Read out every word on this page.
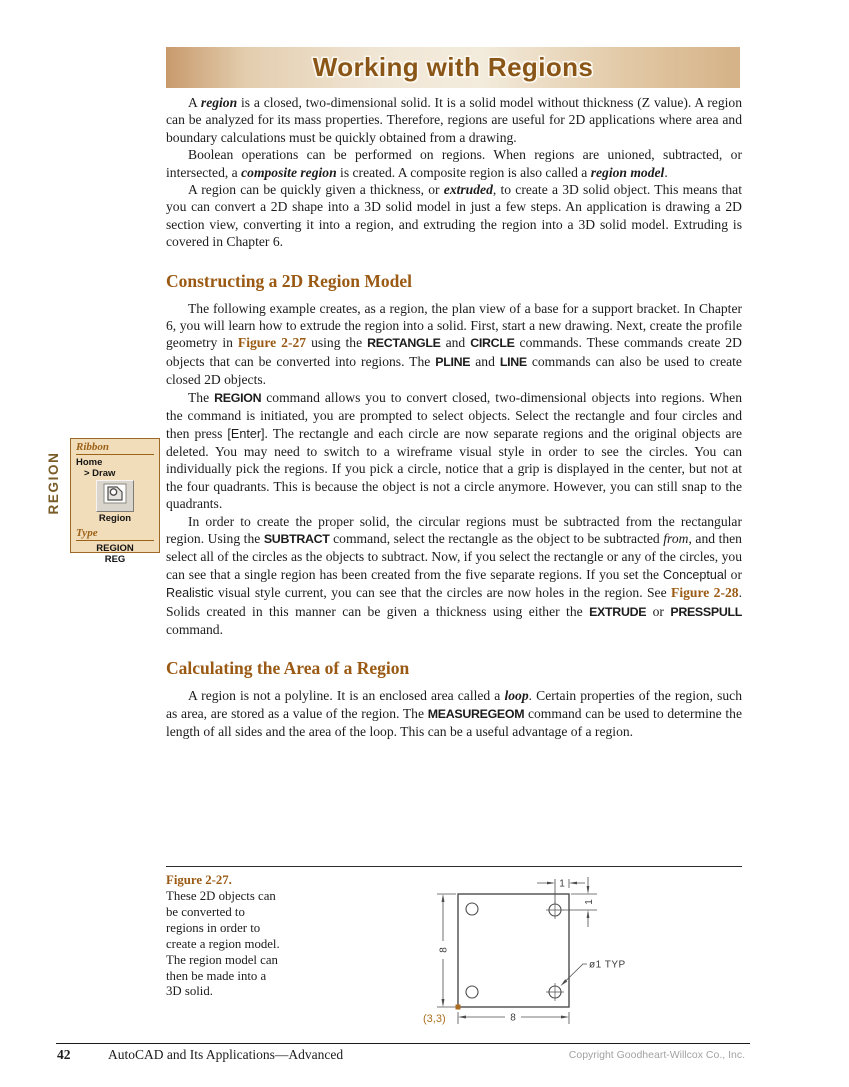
Working with Regions

A region is a closed, two-dimensional solid. It is a solid model without thickness (Z value). A region can be analyzed for its mass properties. Therefore, regions are useful for 2D applications where area and boundary calculations must be quickly obtained from a drawing.

Boolean operations can be performed on regions. When regions are unioned, subtracted, or intersected, a composite region is created. A composite region is also called a region model.

A region can be quickly given a thickness, or extruded, to create a 3D solid object. This means that you can convert a 2D shape into a 3D solid model in just a few steps. An application is drawing a 2D section view, converting it into a region, and extruding the region into a 3D solid model. Extruding is covered in Chapter 6.

Constructing a 2D Region Model

The following example creates, as a region, the plan view of a base for a support bracket. In Chapter 6, you will learn how to extrude the region into a solid. First, start a new drawing. Next, create the profile geometry in Figure 2-27 using the RECTANGLE and CIRCLE commands. These commands create 2D objects that can be converted into regions. The PLINE and LINE commands can also be used to create closed 2D objects.

The REGION command allows you to convert closed, two-dimensional objects into regions. When the command is initiated, you are prompted to select objects. Select the rectangle and four circles and then press [Enter]. The rectangle and each circle are now separate regions and the original objects are deleted. You may need to switch to a wireframe visual style in order to see the circles. You can individually pick the regions. If you pick a circle, notice that a grip is displayed in the center, but not at the four quadrants. This is because the object is not a circle anymore. However, you can still snap to the quadrants.

In order to create the proper solid, the circular regions must be subtracted from the rectangular region. Using the SUBTRACT command, select the rectangle as the object to be subtracted from, and then select all of the circles as the objects to subtract. Now, if you select the rectangle or any of the circles, you can see that a single region has been created from the five separate regions. If you set the Conceptual or Realistic visual style current, you can see that the circles are now holes in the region. See Figure 2-28. Solids created in this manner can be given a thickness using either the EXTRUDE or PRESSPULL command.

Calculating the Area of a Region

A region is not a polyline. It is an enclosed area called a loop. Certain properties of the region, such as area, are stored as a value of the region. The MEASUREGEOM command can be used to determine the length of all sides and the area of the loop. This can be a useful advantage of a region.

REGION
Ribbon
Home
> Draw
Region
Type
REGION
REG
Figure 2-27.
These 2D objects can be converted to regions in order to create a region model. The region model can then be made into a 3D solid.
8
8
1
1
ø1 TYP
(3,3)
42	AutoCAD and Its Applications—Advanced	Copyright Goodheart-Willcox Co., Inc.
